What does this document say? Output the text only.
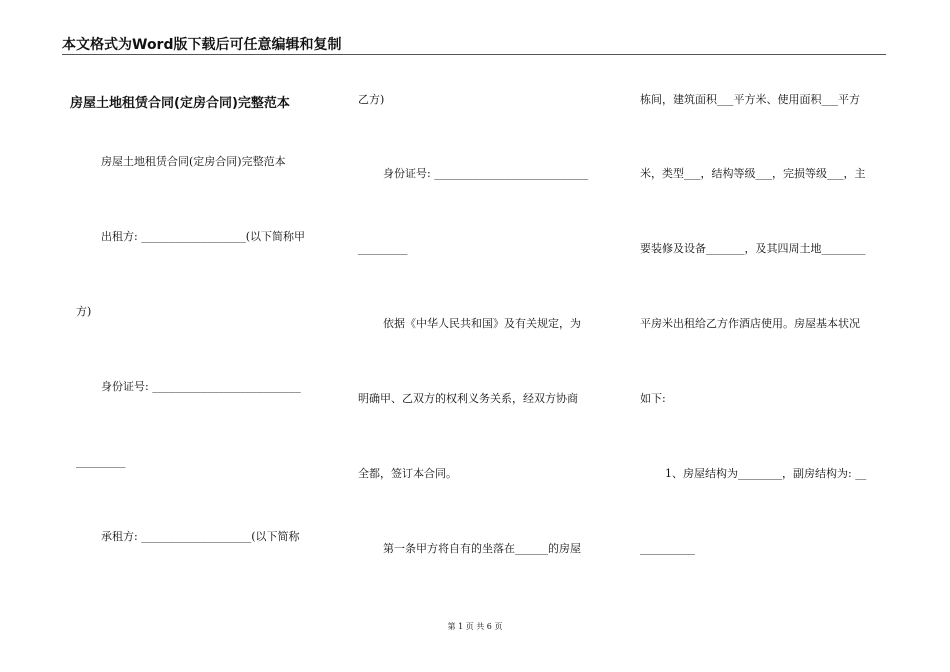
本文格式为Word版下载后可任意编辑和复制
房屋土地租赁合同(定房合同)完整范本
房屋土地租赁合同(定房合同)完整范本
出租方: ___________________(以下简称甲
方)
身份证号: ___________________________
_________
承租方: ____________________(以下简称
乙方)
身份证号: ____________________________
_________
依据《中华人民共和国》及有关规定，为
明确甲、乙双方的权利义务关系，经双方协商
全都，签订本合同。
第一条甲方将自有的坐落在______的房屋
栋间，建筑面积___平方米、使用面积___平方
米，类型___，结构等级___，完损等级___，主
要装修及设备_______，及其四周土地________
平房米出租给乙方作酒店使用。房屋基本状况
如下:
1、房屋结构为________，副房结构为: __
__________
第 1 页 共 6 页
